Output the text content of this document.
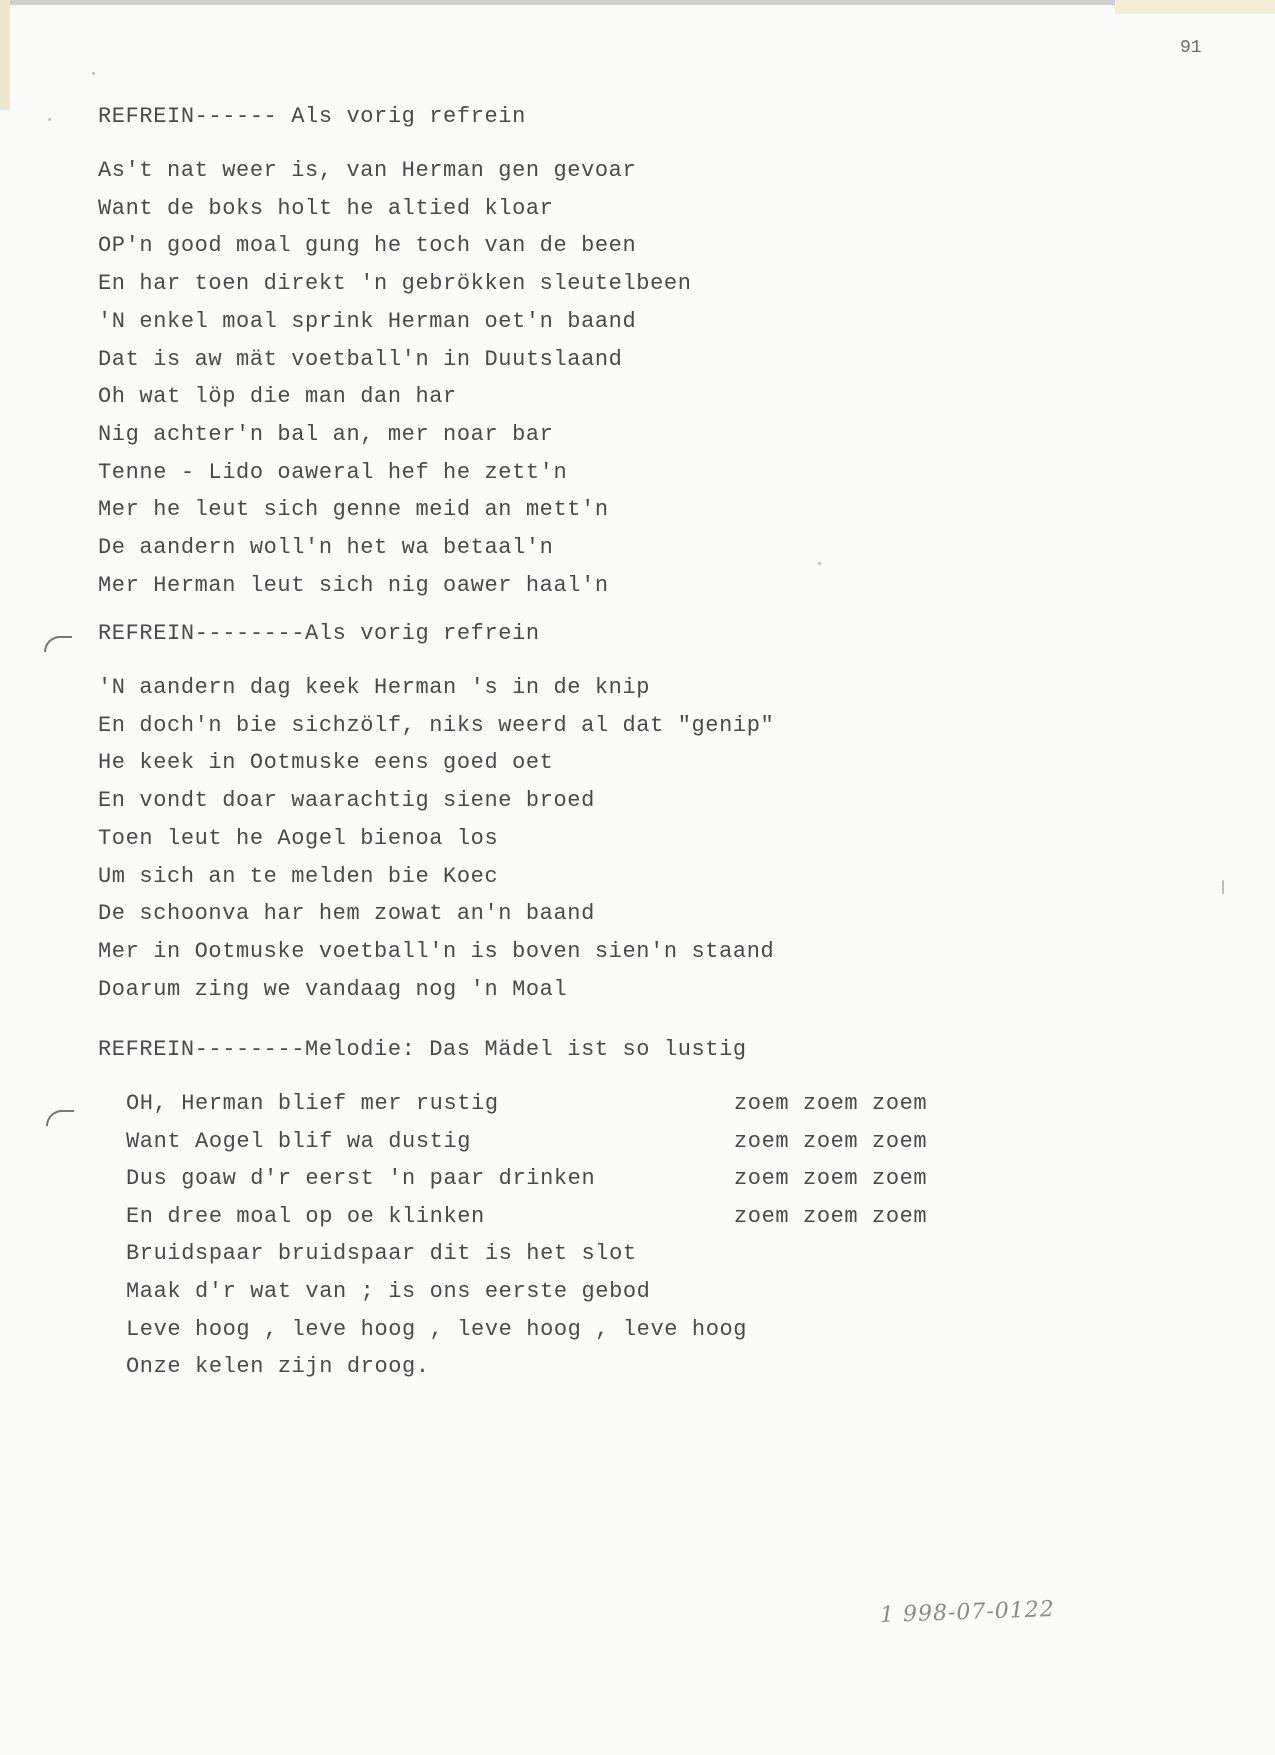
91
REFREIN------ Als vorig refrein
As't nat weer is, van Herman gen gevoar
Want de boks holt he altied kloar
OP'n good moal gung he toch van de been
En har toen direkt 'n gebrökken sleutelbeen
'N enkel moal sprink Herman oet'n baand
Dat is aw mät voetball'n in Duutslaand
Oh wat löp die man dan har
Nig achter'n bal an, mer noar bar
Tenne - Lido oaweral hef he zett'n
Mer he leut sich genne meid an mett'n
De aandern woll'n het wa betaal'n
Mer Herman leut sich nig oawer haal'n
REFREIN--------Als vorig refrein
'N aandern dag keek Herman 's in de knip
En doch'n bie sichzölf, niks weerd al dat "genip"
He keek in Ootmuske eens goed oet
En vondt doar waarachtig siene broed
Toen leut he Aogel bienoa los
Um sich an te melden bie Koec
De schoonva har hem zowat an'n baand
Mer in Ootmuske voetball'n is boven sien'n staand
Doarum zing we vandaag nog 'n Moal
REFREIN--------Melodie: Das Mädel ist so lustig
OH, Herman blief mer rustig	zoem zoem zoem
Want Aogel blif wa dustig	zoem zoem zoem
Dus goaw d'r eerst 'n paar drinken	zoem zoem zoem
En dree moal op oe klinken	zoem zoem zoem
Bruidspaar bruidspaar dit is het slot
Maak d'r wat van ; is ons eerste gebod
Leve hoog , leve hoog , leve hoog , leve hoog
Onze kelen zijn droog.
1 998-07-0122
